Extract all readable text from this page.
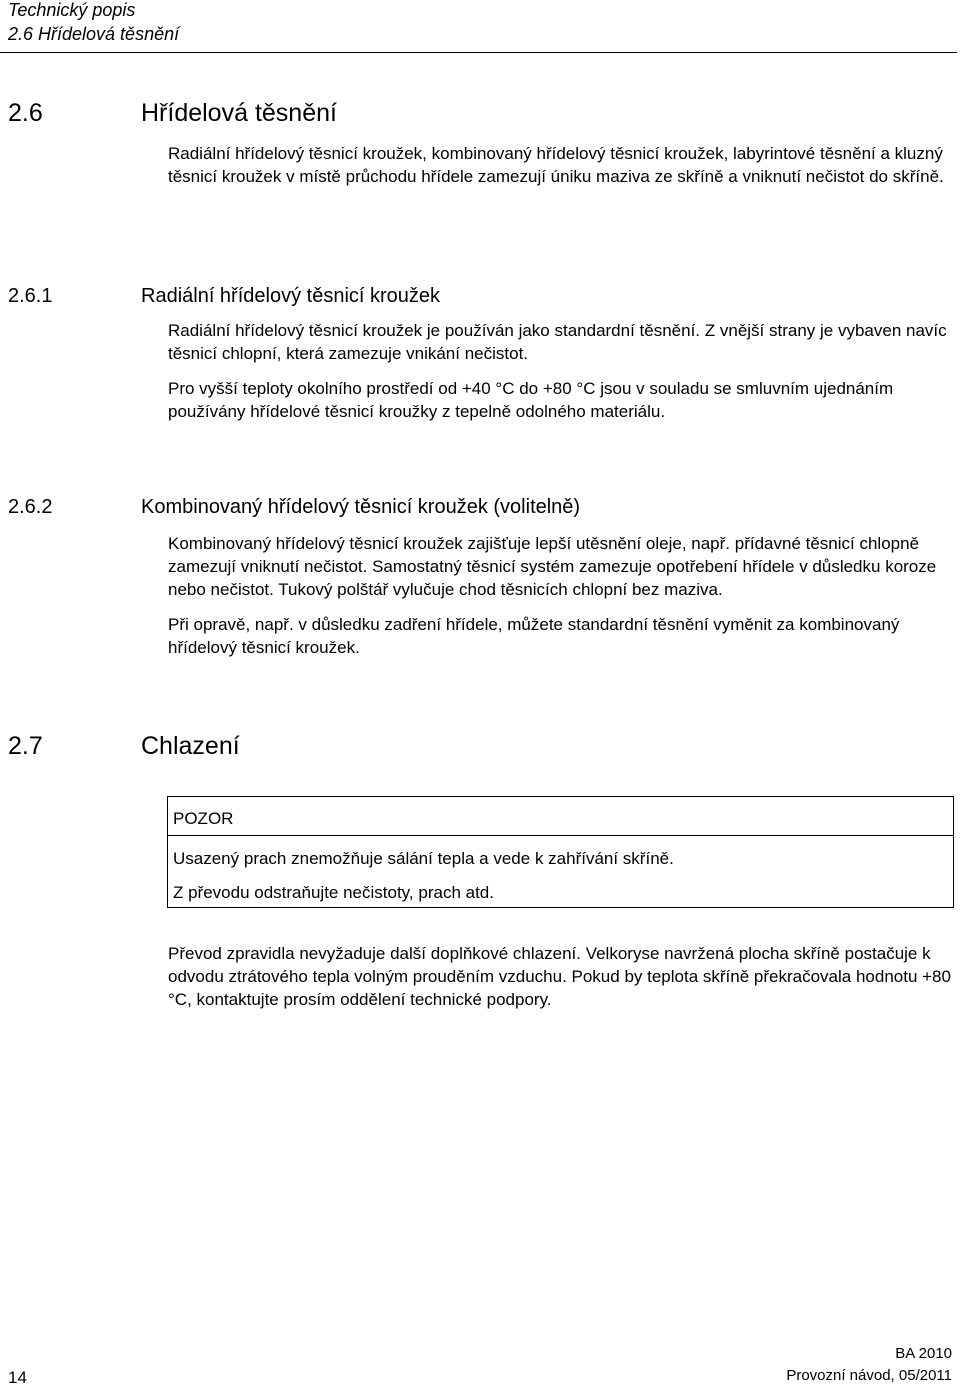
Technický popis
2.6 Hřídelová těsnění
2.6	Hřídelová těsnění

Radiální hřídelový těsnicí kroužek, kombinovaný hřídelový těsnicí kroužek, labyrintové těsnění a kluzný těsnicí kroužek v místě průchodu hřídele zamezují úniku maziva ze skříně a vniknutí nečistot do skříně.

2.6.1	Radiální hřídelový těsnicí kroužek

Radiální hřídelový těsnicí kroužek je používán jako standardní těsnění. Z vnější strany je vybaven navíc těsnicí chlopní, která zamezuje vnikání nečistot.

Pro vyšší teploty okolního prostředí od +40 °C do +80 °C jsou v souladu se smluvním ujednáním používány hřídelové těsnicí kroužky z tepelně odolného materiálu.

2.6.2	Kombinovaný hřídelový těsnicí kroužek (volitelně)

Kombinovaný hřídelový těsnicí kroužek zajišťuje lepší utěsnění oleje, např. přídavné těsnicí chlopně zamezují vniknutí nečistot. Samostatný těsnicí systém zamezuje opotřebení hřídele v důsledku koroze nebo nečistot. Tukový polštář vylučuje chod těsnicích chlopní bez maziva.

Při opravě, např. v důsledku zadření hřídele, můžete standardní těsnění vyměnit za kombinovaný hřídelový těsnicí kroužek.

2.7	Chlazení
POZOR
Usazený prach znemožňuje sálání tepla a vede k zahřívání skříně.
Z převodu odstraňujte nečistoty, prach atd.

Převod zpravidla nevyžaduje další doplňkové chlazení. Velkoryse navržená plocha skříně postačuje k odvodu ztrátového tepla volným prouděním vzduchu. Pokud by teplota skříně překračovala hodnotu +80 °C, kontaktujte prosím oddělení technické podpory.

14
BA 2010
Provozní návod, 05/2011
